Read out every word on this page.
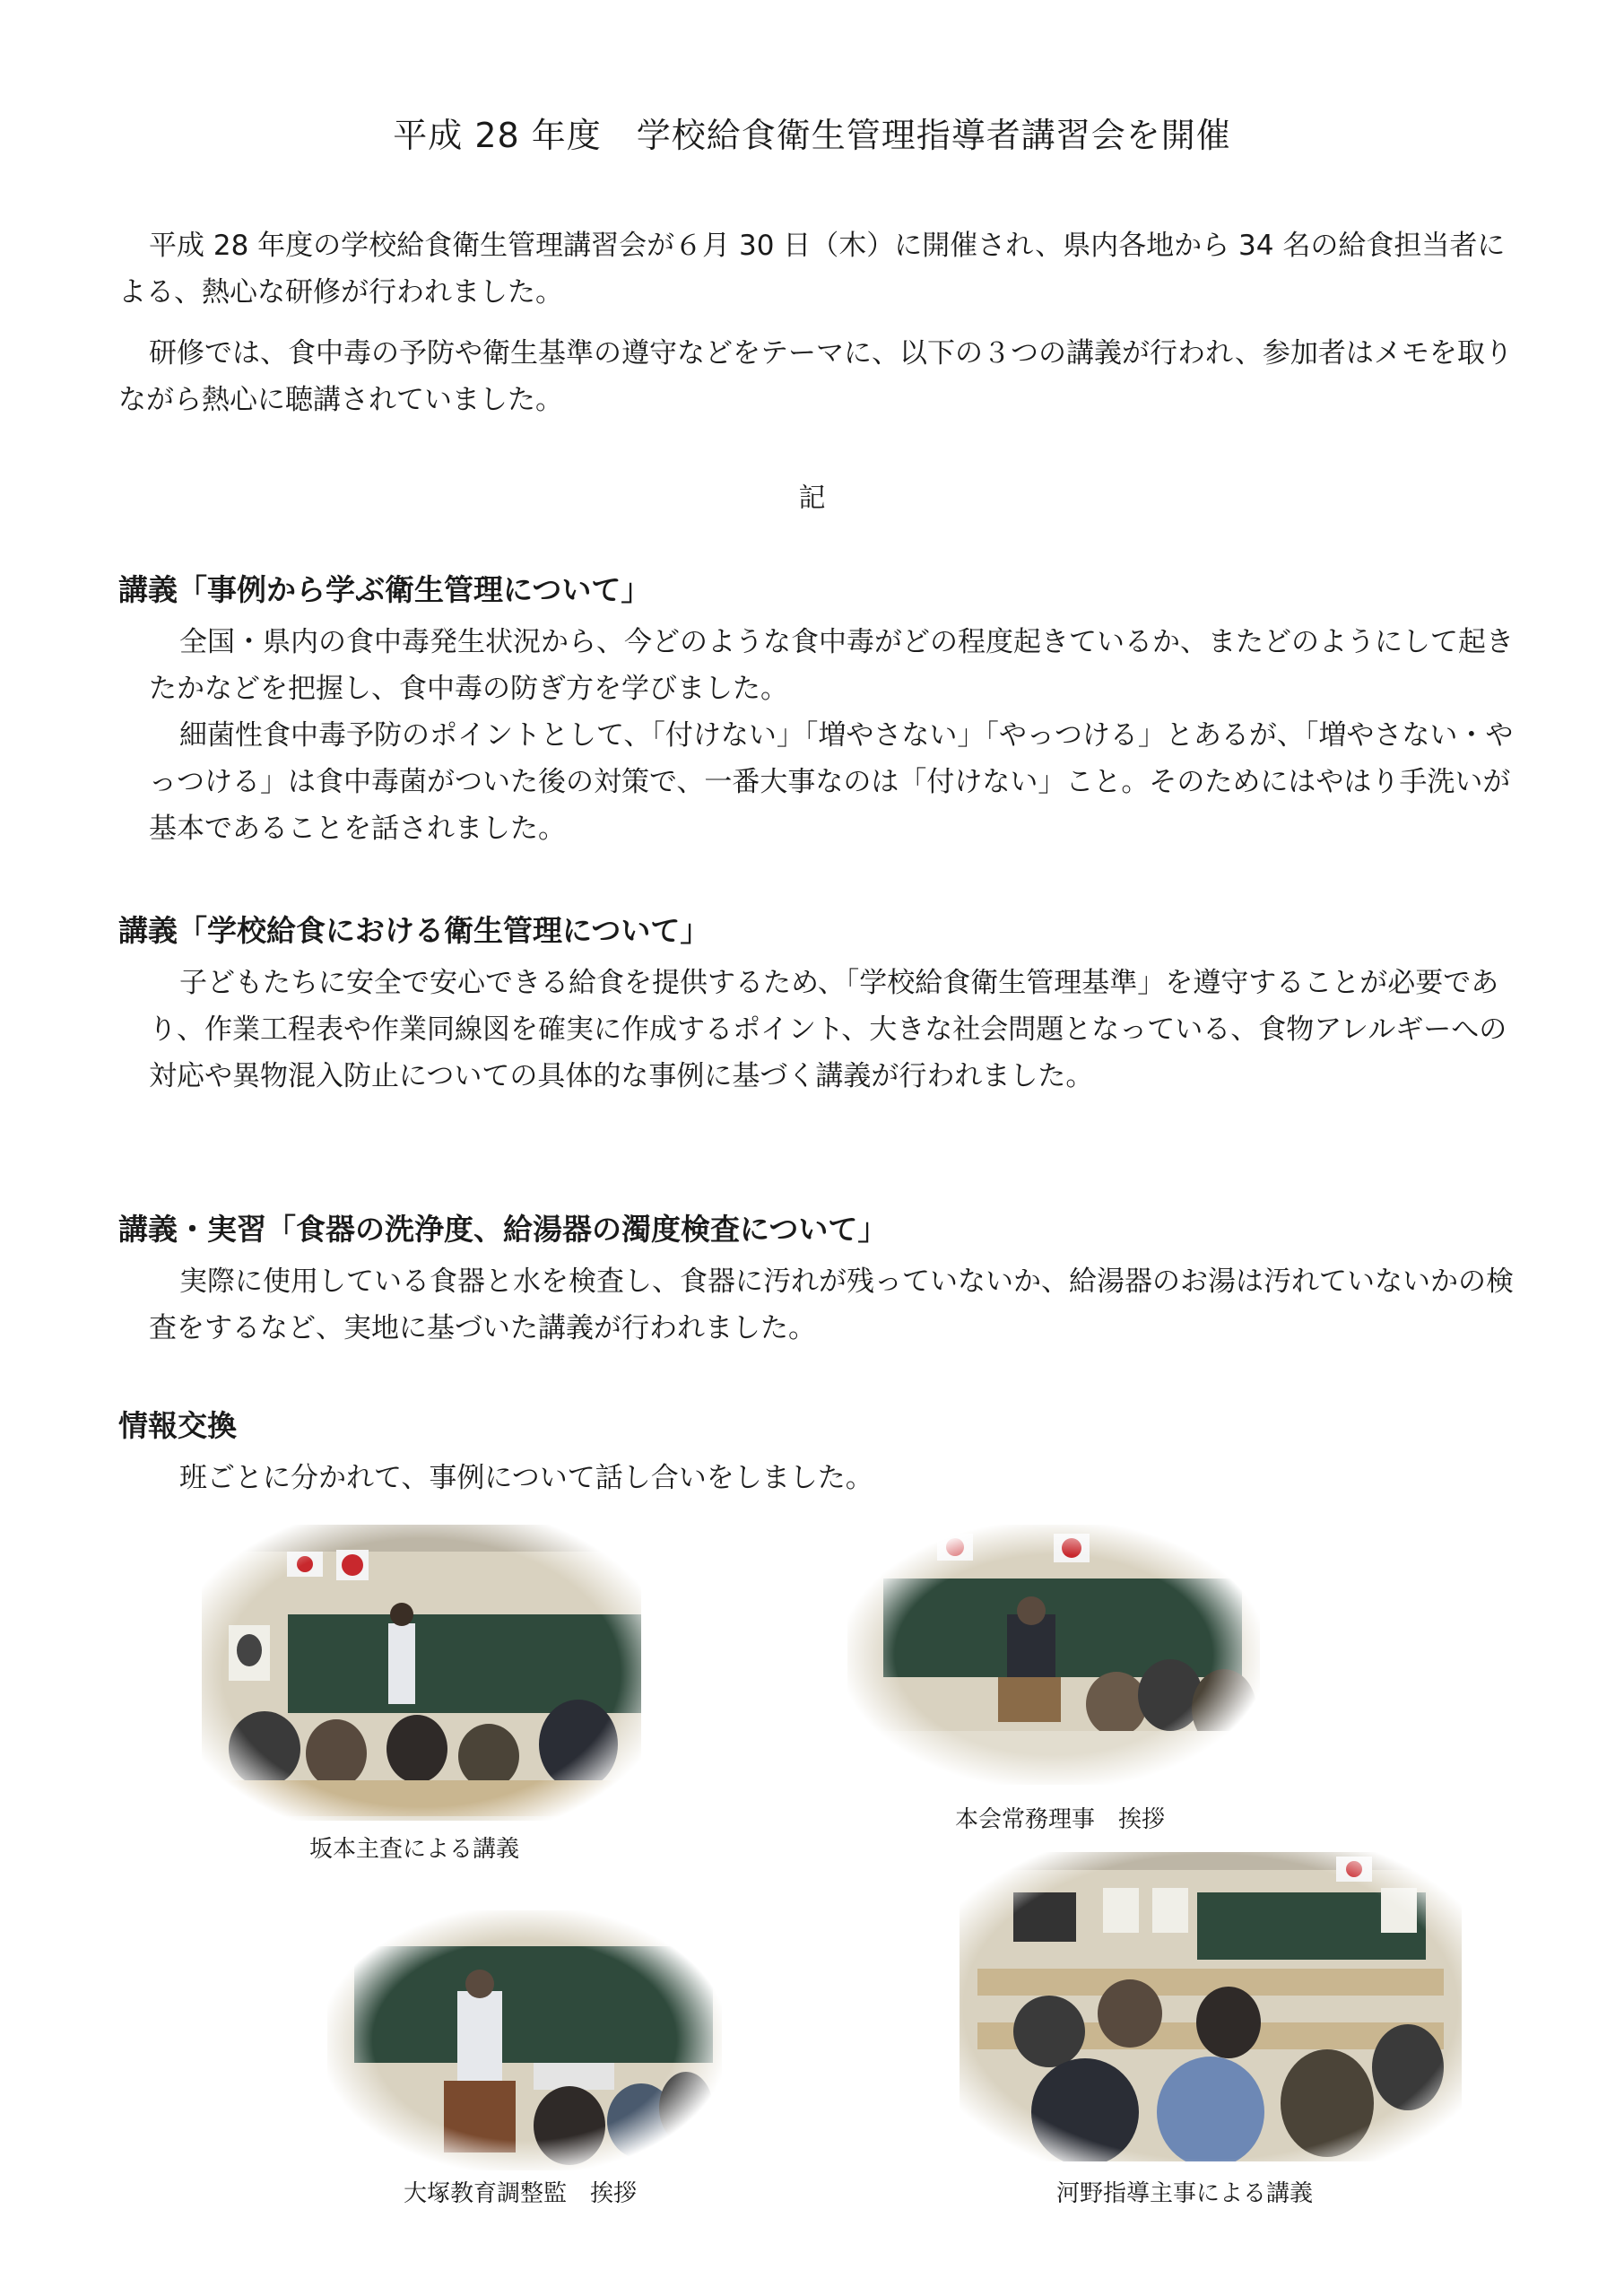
平成 28 年度　学校給食衛生管理指導者講習会を開催

平成 28 年度の学校給食衛生管理講習会が６月 30 日（木）に開催され、県内各地から 34 名の給食担当者による、熱心な研修が行われました。

研修では、食中毒の予防や衛生基準の遵守などをテーマに、以下の３つの講義が行われ、参加者はメモを取りながら熱心に聴講されていました。

記
講義「事例から学ぶ衛生管理について」

全国・県内の食中毒発生状況から、今どのような食中毒がどの程度起きているか、またどのようにして起きたかなどを把握し、食中毒の防ぎ方を学びました。

細菌性食中毒予防のポイントとして、「付けない」「増やさない」「やっつける」とあるが、「増やさない・やっつける」は食中毒菌がついた後の対策で、一番大事なのは「付けない」こと。そのためにはやはり手洗いが基本であることを話されました。

講義「学校給食における衛生管理について」

子どもたちに安全で安心できる給食を提供するため、「学校給食衛生管理基準」を遵守することが必要であり、作業工程表や作業同線図を確実に作成するポイント、大きな社会問題となっている、食物アレルギーへの対応や異物混入防止についての具体的な事例に基づく講義が行われました。

講義・実習「食器の洗浄度、給湯器の濁度検査について」

実際に使用している食器と水を検査し、食器に汚れが残っていないか、給湯器のお湯は汚れていないかの検査をするなど、実地に基づいた講義が行われました。

情報交換

班ごとに分かれて、事例について話し合いをしました。

坂本主査による講義
本会常務理事　挨拶
大塚教育調整監　挨拶	河野指導主事による講義
